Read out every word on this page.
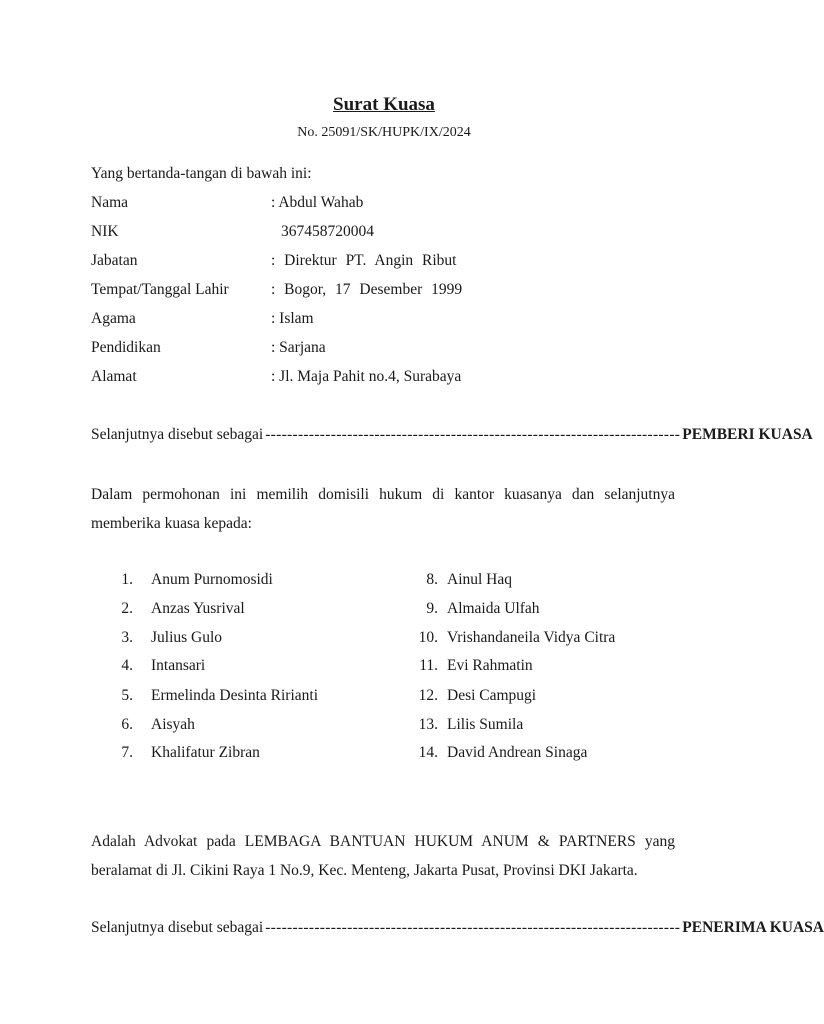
Surat Kuasa
No. 25091/SK/HUPK/IX/2024
Yang bertanda-tangan di bawah ini:
Nama	: Abdul Wahab
NIK	367458720004
Jabatan	: Direktur PT. Angin Ribut
Tempat/Tanggal Lahir	: Bogor, 17 Desember 1999
Agama	: Islam
Pendidikan	: Sarjana
Alamat	: Jl. Maja Pahit no.4, Surabaya
Selanjutnya disebut sebagai ---------------------------------------------------------------------------- PEMBERI KUASA
Dalam permohonan ini memilih domisili hukum di kantor kuasanya dan selanjutnya memberika kuasa kepada:
1. Anum Purnomosidi
2. Anzas Yusrival
3. Julius Gulo
4. Intansari
5. Ermelinda Desinta Ririanti
6. Aisyah
7. Khalifatur Zibran
8. Ainul Haq
9. Almaida Ulfah
10. Vrishandaneila Vidya Citra
11. Evi Rahmatin
12. Desi Campugi
13. Lilis Sumila
14. David Andrean Sinaga
Adalah Advokat pada LEMBAGA BANTUAN HUKUM ANUM & PARTNERS yang beralamat di Jl. Cikini Raya 1 No.9, Kec. Menteng, Jakarta Pusat, Provinsi DKI Jakarta.
Selanjutnya disebut sebagai ---------------------------------------------------------------------------- PENERIMA KUASA
